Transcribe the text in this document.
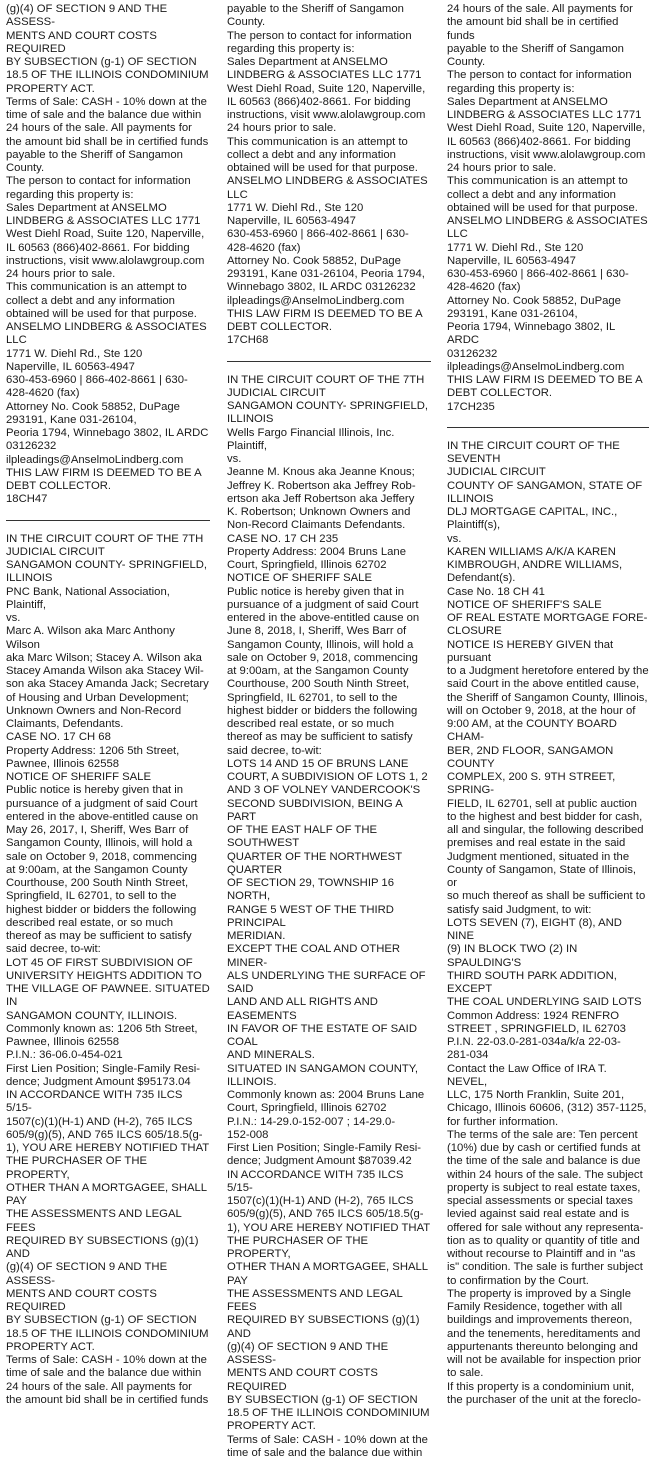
(g)(4) OF SECTION 9 AND THE ASSESS-
MENTS AND COURT COSTS REQUIRED
BY SUBSECTION (g-1) OF SECTION
18.5 OF THE ILLINOIS CONDOMINIUM
PROPERTY ACT.

Terms of Sale: CASH - 10% down at the
time of sale and the balance due within
24 hours of the sale. All payments for
the amount bid shall be in certified funds
payable to the Sheriff of Sangamon
County.

The person to contact for information
regarding this property is:
Sales Department at ANSELMO
LINDBERG & ASSOCIATES LLC 1771
West Diehl Road, Suite 120, Naperville,
IL 60563 (866)402-8661. For bidding
instructions, visit www.alolawgroup.com
24 hours prior to sale.

This communication is an attempt to
collect a debt and any information
obtained will be used for that purpose.
ANSELMO LINDBERG & ASSOCIATES LLC
1771 W. Diehl Rd., Ste 120
Naperville, IL 60563-4947
630-453-6960 | 866-402-8661 | 630-
428-4620 (fax)
Attorney No. Cook 58852, DuPage
293191, Kane 031-26104,
Peoria 1794, Winnebago 3802, IL ARDC
03126232
ilpleadings@AnselmoLindberg.com
THIS LAW FIRM IS DEEMED TO BE A
DEBT COLLECTOR.
18CH47

IN THE CIRCUIT COURT OF THE 7TH
JUDICIAL CIRCUIT
SANGAMON COUNTY- SPRINGFIELD,
ILLINOIS
PNC Bank, National Association, Plaintiff,
vs.
Marc A. Wilson aka Marc Anthony Wilson
aka Marc Wilson; Stacey A. Wilson aka
Stacey Amanda Wilson aka Stacey Wil-
son aka Stacey Amanda Jack; Secretary
of Housing and Urban Development;
Unknown Owners and Non-Record
Claimants, Defendants.
CASE NO. 17 CH 68
Property Address: 1206 5th Street,
Pawnee, Illinois 62558
NOTICE OF SHERIFF SALE
Public notice is hereby given that in
pursuance of a judgment of said Court
entered in the above-entitled cause on
May 26, 2017, I, Sheriff, Wes Barr of
Sangamon County, Illinois, will hold a
sale on October 9, 2018, commencing
at 9:00am, at the Sangamon County
Courthouse, 200 South Ninth Street,
Springfield, IL 62701, to sell to the
highest bidder or bidders the following
described real estate, or so much
thereof as may be sufficient to satisfy
said decree, to-wit:
LOT 45 OF FIRST SUBDIVISION OF
UNIVERSITY HEIGHTS ADDITION TO
THE VILLAGE OF PAWNEE. SITUATED IN
SANGAMON COUNTY, ILLINOIS.
Commonly known as: 1206 5th Street,
Pawnee, Illinois 62558
P.I.N.: 36-06.0-454-021
First Lien Position; Single-Family Resi-
dence; Judgment Amount $95173.04
IN ACCORDANCE WITH 735 ILCS 5/15-
1507(c)(1)(H-1) AND (H-2), 765 ILCS
605/9(g)(5), AND 765 ILCS 605/18.5(g-
1), YOU ARE HEREBY NOTIFIED THAT
THE PURCHASER OF THE PROPERTY,
OTHER THAN A MORTGAGEE, SHALL PAY
THE ASSESSMENTS AND LEGAL FEES
REQUIRED BY SUBSECTIONS (g)(1) AND
(g)(4) OF SECTION 9 AND THE ASSESS-
MENTS AND COURT COSTS REQUIRED
BY SUBSECTION (g-1) OF SECTION
18.5 OF THE ILLINOIS CONDOMINIUM
PROPERTY ACT.
Terms of Sale: CASH - 10% down at the
time of sale and the balance due within
24 hours of the sale. All payments for
the amount bid shall be in certified funds

payable to the Sheriff of Sangamon
County.

The person to contact for information
regarding this property is:
Sales Department at ANSELMO
LINDBERG & ASSOCIATES LLC 1771
West Diehl Road, Suite 120, Naperville,
IL 60563 (866)402-8661. For bidding
instructions, visit www.alolawgroup.com
24 hours prior to sale.

This communication is an attempt to
collect a debt and any information
obtained will be used for that purpose.
ANSELMO LINDBERG & ASSOCIATES LLC
1771 W. Diehl Rd., Ste 120
Naperville, IL 60563-4947
630-453-6960 | 866-402-8661 | 630-
428-4620 (fax)
Attorney No. Cook 58852, DuPage
293191, Kane 031-26104, Peoria 1794,
Winnebago 3802, IL ARDC 03126232
ilpleadings@AnselmoLindberg.com
THIS LAW FIRM IS DEEMED TO BE A
DEBT COLLECTOR.
17CH68

IN THE CIRCUIT COURT OF THE 7TH
JUDICIAL CIRCUIT
SANGAMON COUNTY- SPRINGFIELD,
ILLINOIS
Wells Fargo Financial Illinois, Inc.
Plaintiff,
vs.
Jeanne M. Knous aka Jeanne Knous;
Jeffrey K. Robertson aka Jeffrey Rob-
ertson aka Jeff Robertson aka Jeffery
K. Robertson; Unknown Owners and
Non-Record Claimants Defendants.
CASE NO. 17 CH 235
Property Address: 2004 Bruns Lane
Court, Springfield, Illinois 62702
NOTICE OF SHERIFF SALE
Public notice is hereby given that in
pursuance of a judgment of said Court
entered in the above-entitled cause on
June 8, 2018, I, Sheriff, Wes Barr of
Sangamon County, Illinois, will hold a
sale on October 9, 2018, commencing
at 9:00am, at the Sangamon County
Courthouse, 200 South Ninth Street,
Springfield, IL 62701, to sell to the
highest bidder or bidders the following
described real estate, or so much
thereof as may be sufficient to satisfy
said decree, to-wit:
LOTS 14 AND 15 OF BRUNS LANE
COURT, A SUBDIVISION OF LOTS 1, 2
AND 3 OF VOLNEY VANDERCOOK'S
SECOND SUBDIVISION, BEING A PART
OF THE EAST HALF OF THE SOUTHWEST
QUARTER OF THE NORTHWEST QUARTER
OF SECTION 29, TOWNSHIP 16 NORTH,
RANGE 5 WEST OF THE THIRD PRINCIPAL
MERIDIAN.
EXCEPT THE COAL AND OTHER MINER-
ALS UNDERLYING THE SURFACE OF SAID
LAND AND ALL RIGHTS AND EASEMENTS
IN FAVOR OF THE ESTATE OF SAID COAL
AND MINERALS.
SITUATED IN SANGAMON COUNTY,
ILLINOIS.
Commonly known as: 2004 Bruns Lane
Court, Springfield, Illinois 62702
P.I.N.: 14-29.0-152-007 ; 14-29.0-
152-008
First Lien Position; Single-Family Resi-
dence; Judgment Amount $87039.42
IN ACCORDANCE WITH 735 ILCS 5/15-
1507(c)(1)(H-1) AND (H-2), 765 ILCS
605/9(g)(5), AND 765 ILCS 605/18.5(g-
1), YOU ARE HEREBY NOTIFIED THAT
THE PURCHASER OF THE PROPERTY,
OTHER THAN A MORTGAGEE, SHALL PAY
THE ASSESSMENTS AND LEGAL FEES
REQUIRED BY SUBSECTIONS (g)(1) AND
(g)(4) OF SECTION 9 AND THE ASSESS-
MENTS AND COURT COSTS REQUIRED
BY SUBSECTION (g-1) OF SECTION
18.5 OF THE ILLINOIS CONDOMINIUM
PROPERTY ACT.
Terms of Sale: CASH - 10% down at the
time of sale and the balance due within

24 hours of the sale. All payments for
the amount bid shall be in certified funds
payable to the Sheriff of Sangamon
County.

The person to contact for information
regarding this property is:
Sales Department at ANSELMO
LINDBERG & ASSOCIATES LLC 1771
West Diehl Road, Suite 120, Naperville,
IL 60563 (866)402-8661. For bidding
instructions, visit www.alolawgroup.com
24 hours prior to sale.

This communication is an attempt to
collect a debt and any information
obtained will be used for that purpose.
ANSELMO LINDBERG & ASSOCIATES LLC
1771 W. Diehl Rd., Ste 120
Naperville, IL 60563-4947
630-453-6960 | 866-402-8661 | 630-
428-4620 (fax)
Attorney No. Cook 58852, DuPage
293191, Kane 031-26104,
Peoria 1794, Winnebago 3802, IL ARDC
03126232
ilpleadings@AnselmoLindberg.com
THIS LAW FIRM IS DEEMED TO BE A
DEBT COLLECTOR.
17CH235

IN THE CIRCUIT COURT OF THE SEVENTH
JUDICIAL CIRCUIT
COUNTY OF SANGAMON, STATE OF
ILLINOIS
DLJ MORTGAGE CAPITAL, INC.,
Plaintiff(s),
vs.
KAREN WILLIAMS A/K/A KAREN
KIMBROUGH, ANDRE WILLIAMS,
Defendant(s).
Case No. 18 CH 41
NOTICE OF SHERIFF'S SALE
OF REAL ESTATE MORTGAGE FORE-
CLOSURE
NOTICE IS HEREBY GIVEN that pursuant
to a Judgment heretofore entered by the
said Court in the above entitled cause,
the Sheriff of Sangamon County, Illinois,
will on October 9, 2018, at the hour of
9:00 AM, at the COUNTY BOARD CHAM-
BER, 2ND FLOOR, SANGAMON COUNTY
COMPLEX, 200 S. 9TH STREET, SPRING-
FIELD, IL 62701, sell at public auction
to the highest and best bidder for cash,
all and singular, the following described
premises and real estate in the said
Judgment mentioned, situated in the
County of Sangamon, State of Illinois, or
so much thereof as shall be sufficient to
satisfy said Judgment, to wit:
LOTS SEVEN (7), EIGHT (8), AND NINE
(9) IN BLOCK TWO (2) IN SPAULDING'S
THIRD SOUTH PARK ADDITION, EXCEPT
THE COAL UNDERLYING SAID LOTS
Common Address: 1924 RENFRO
STREET , SPRINGFIELD, IL 62703
P.I.N. 22-03.0-281-034a/k/a 22-03-
281-034
Contact the Law Office of IRA T. NEVEL,
LLC, 175 North Franklin, Suite 201,
Chicago, Illinois 60606, (312) 357-1125,
for further information.
The terms of the sale are: Ten percent
(10%) due by cash or certified funds at
the time of the sale and balance is due
within 24 hours of the sale. The subject
property is subject to real estate taxes,
special assessments or special taxes
levied against said real estate and is
offered for sale without any representa-
tion as to quality or quantity of title and
without recourse to Plaintiff and in "as
is" condition. The sale is further subject
to confirmation by the Court.
The property is improved by a Single
Family Residence, together with all
buildings and improvements thereon,
and the tenements, hereditaments and
appurtenants thereunto belonging and
will not be available for inspection prior
to sale.
If this property is a condominium unit,
the purchaser of the unit at the foreclo-
